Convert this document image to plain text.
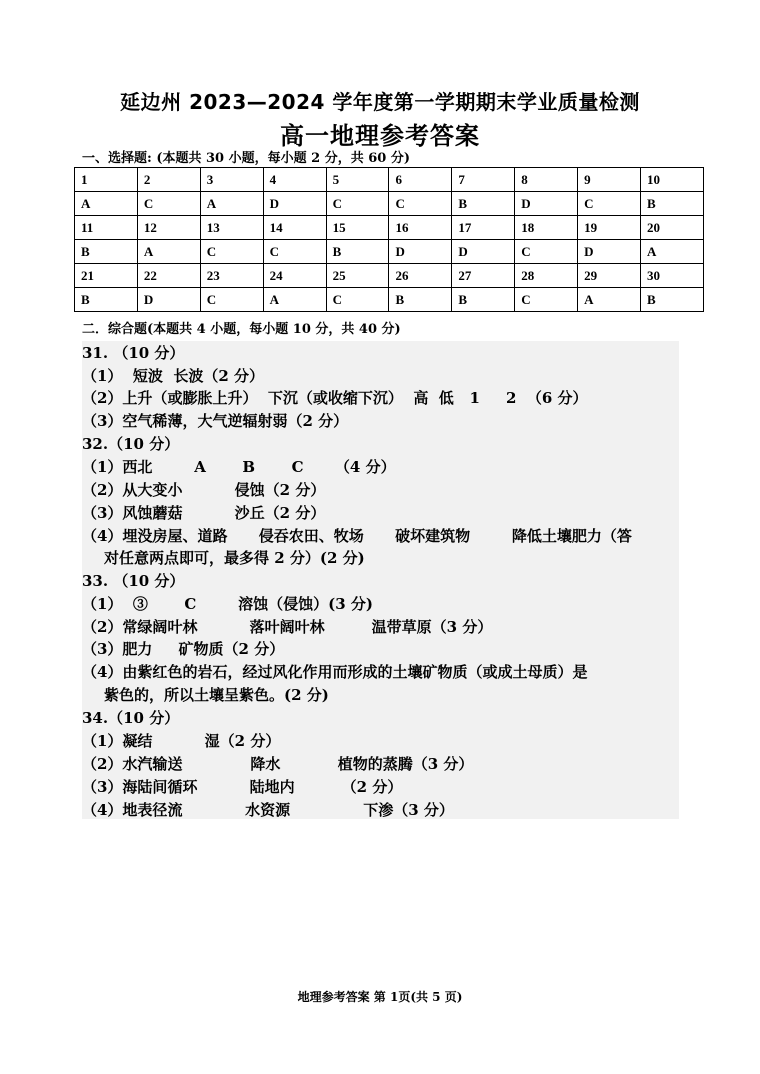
延边州 2023—2024 学年度第一学期期末学业质量检测
高一地理参考答案
一、选择题: (本题共 30 小题，每小题 2 分，共 60 分)
1	2	3	4	5	6	7	8	9	10
A	C	A	D	C	C	B	D	C	B
11	12	13	14	15	16	17	18	19	20
B	A	C	C	B	D	D	C	D	A
21	22	23	24	25	26	27	28	29	30
B	D	C	A	C	B	B	C	A	B
二．综合题(本题共 4 小题，每小题 10 分，共 40 分)
31. （10 分）
（1）  短波  长波（2 分）
（2）上升（或膨胀上升）  下沉（或收缩下沉）  高  低   1     2  （6 分）
（3）空气稀薄，大气逆辐射弱（2 分）
32.（10 分）
（1）西北        A       B       C      （4 分）
（2）从大变小          侵蚀（2 分）
（3）风蚀蘑菇          沙丘（2 分）
（4）埋没房屋、道路      侵吞农田、牧场      破坏建筑物        降低土壤肥力（答
对任意两点即可，最多得 2 分）(2 分)
33. （10 分）
（1）  ③       C        溶蚀（侵蚀）(3 分)
（2）常绿阔叶林          落叶阔叶林         温带草原（3 分）
（3）肥力     矿物质（2 分）
（4）由紫红色的岩石，经过风化作用而形成的土壤矿物质（或成土母质）是
紫色的，所以土壤呈紫色。(2 分)
34.（10 分）
（1）凝结          湿（2 分）
（2）水汽输送             降水           植物的蒸腾（3 分）
（3）海陆间循环          陆地内         （2 分）
（4）地表径流            水资源              下渗（3 分）
地理参考答案 第 1页(共 5 页)
